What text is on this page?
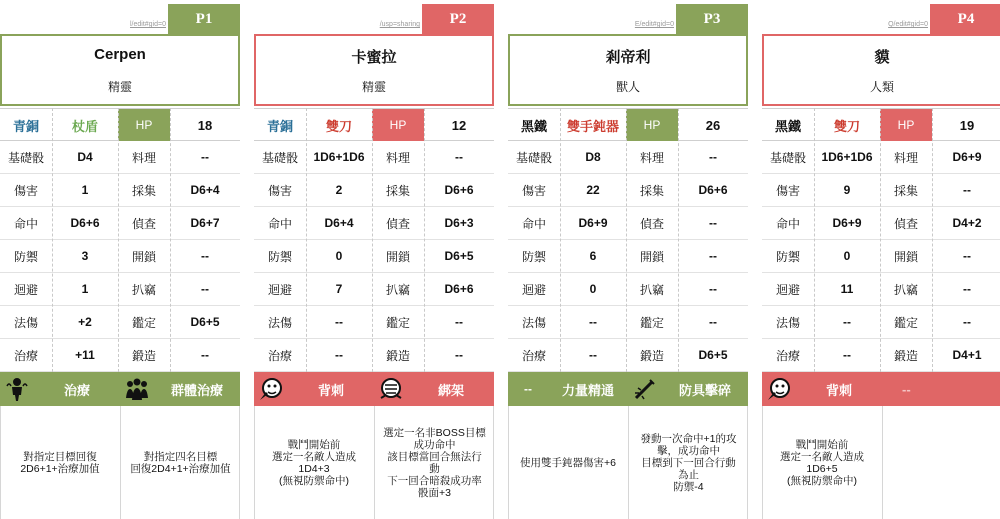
l/edit#gid=0	P1
Cerpen
精靈
青銅	杖盾	HP	18
基礎骰	D4	料理	--
傷害	1	採集	D6+4
命中	D6+6	偵查	D6+7
防禦	3	開鎖	--
迴避	1	扒竊	--
法傷	+2	鑑定	D6+5
治療	+11	鍛造	--
治療	群體治療
對指定目標回復
2D6+1+治療加值
對指定四名目標
回復2D4+1+治療加值
/usp=sharing	P2
卡蜜拉
精靈
青銅	雙刀	HP	12
基礎骰	1D6+1D6	料理	--
傷害	2	採集	D6+6
命中	D6+4	偵查	D6+3
防禦	0	開鎖	D6+5
迴避	7	扒竊	D6+6
法傷	--	鑑定	--
治療	--	鍛造	--
背刺	綁架
戰鬥開始前
選定一名敵人造成
1D4+3
(無視防禦命中)
選定一名非BOSS目標
成功命中
該目標當回合無法行
動
下一回合暗殺成功率
骰面+3
E/edit#gid=0	P3
剎帝利
獸人
黑鐵	雙手鈍器	HP	26
基礎骰	D8	料理	--
傷害	22	採集	D6+6
命中	D6+9	偵查	--
防禦	6	開鎖	--
迴避	0	扒竊	--
法傷	--	鑑定	--
治療	--	鍛造	D6+5
--	力量精通	防具擊碎
使用雙手鈍器傷害+6
發動一次命中+1的攻
擊，成功命中
目標到下一回合行動
為止
防禦-4
Q/edit#gid=0	P4
貘
人類
黑鐵	雙刀	HP	19
基礎骰	1D6+1D6	料理	D6+9
傷害	9	採集	--
命中	D6+9	偵查	D4+2
防禦	0	開鎖	--
迴避	11	扒竊	--
法傷	--	鑑定	--
治療	--	鍛造	D4+1
背刺	--
戰鬥開始前
選定一名敵人造成
1D6+5
(無視防禦命中)
